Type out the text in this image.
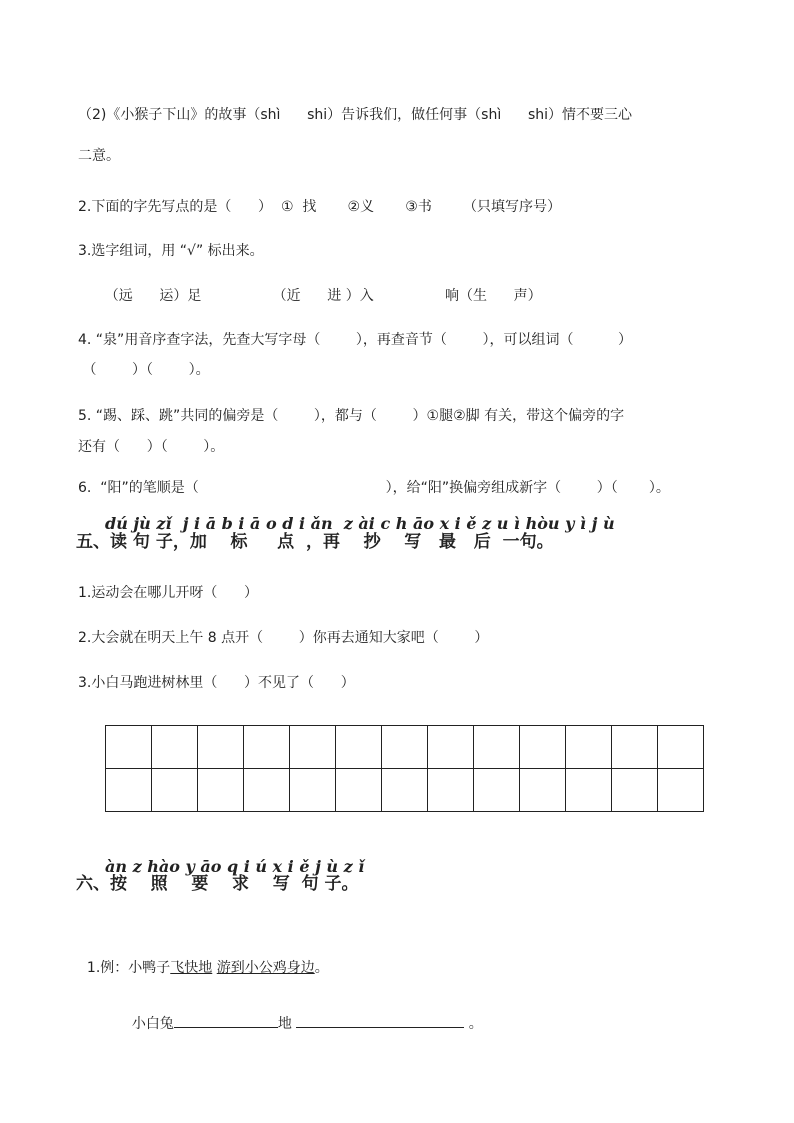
（2)《小猴子下山》的故事（shì      shi）告诉我们，做任何事（shì      shi）情不要三心
二意。
2.下面的字先写点的是（      ）  ①  找       ②义       ③书       （只填写序号）
3.选字组词，用 “√” 标出来。
（远      运）足                （近      进 ）入                响（生      声）
4. “泉”用音序查字法，先查大写字母（        ），再查音节（        ），可以组词（          ）
（        ）（        ）。
5. “踢、踩、跳”共同的偏旁是（        ），都与（        ）①腿②脚 有关，带这个偏旁的字
还有（      ）（        ）。
6.  “阳”的笔顺是（                                          ），给“阳”换偏旁组成新字（        ）（       ）。
dú jù zǐ  j i ā b i ā o d i ǎn  z ài c h āo x i ě z u ì hòu y ì j ù
五、读 句 子，加    标     点  ，再    抄    写   最   后  一句。
1.运动会在哪儿开呀（      ）
2.大会就在明天上午 8 点开（        ）你再去通知大家吧（        ）
3.小白马跑进树林里（      ）不见了（      ）

àn z hào y āo q i ú x i ě j ù z ǐ
六、按    照    要    求    写  句 子。

1.例：小鸭子飞快地 游到小公鸡身边。

小白兔	地	。
